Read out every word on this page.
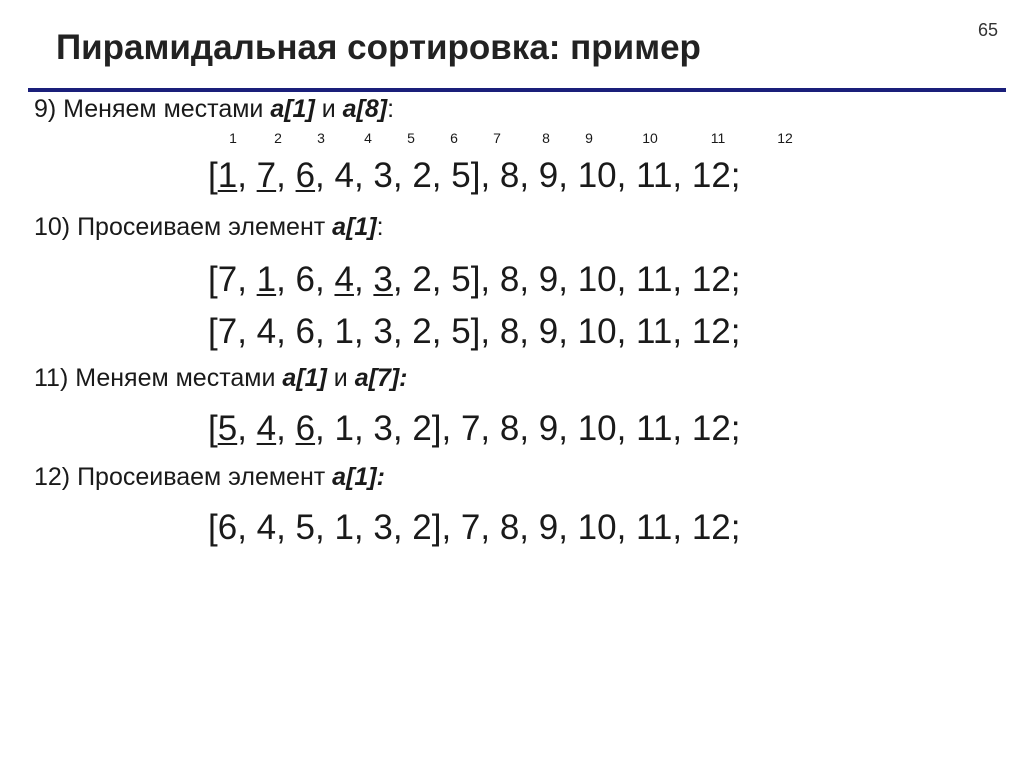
65
Пирамидальная сортировка: пример
9) Меняем местами a[1] и a[8]:
1	2	3	4	5	6	7	8	9	10	11	12
[1, 7, 6, 4, 3, 2, 5], 8, 9, 10, 11, 12;
10) Просеиваем элемент a[1]:
[7, 1, 6, 4, 3, 2, 5], 8, 9, 10, 11, 12;
[7, 4, 6, 1, 3, 2, 5], 8, 9, 10, 11, 12;
11) Меняем местами a[1] и a[7]:
[5, 4, 6, 1, 3, 2], 7, 8, 9, 10, 11, 12;
12) Просеиваем элемент a[1]:
[6, 4, 5, 1, 3, 2], 7, 8, 9, 10, 11, 12;
